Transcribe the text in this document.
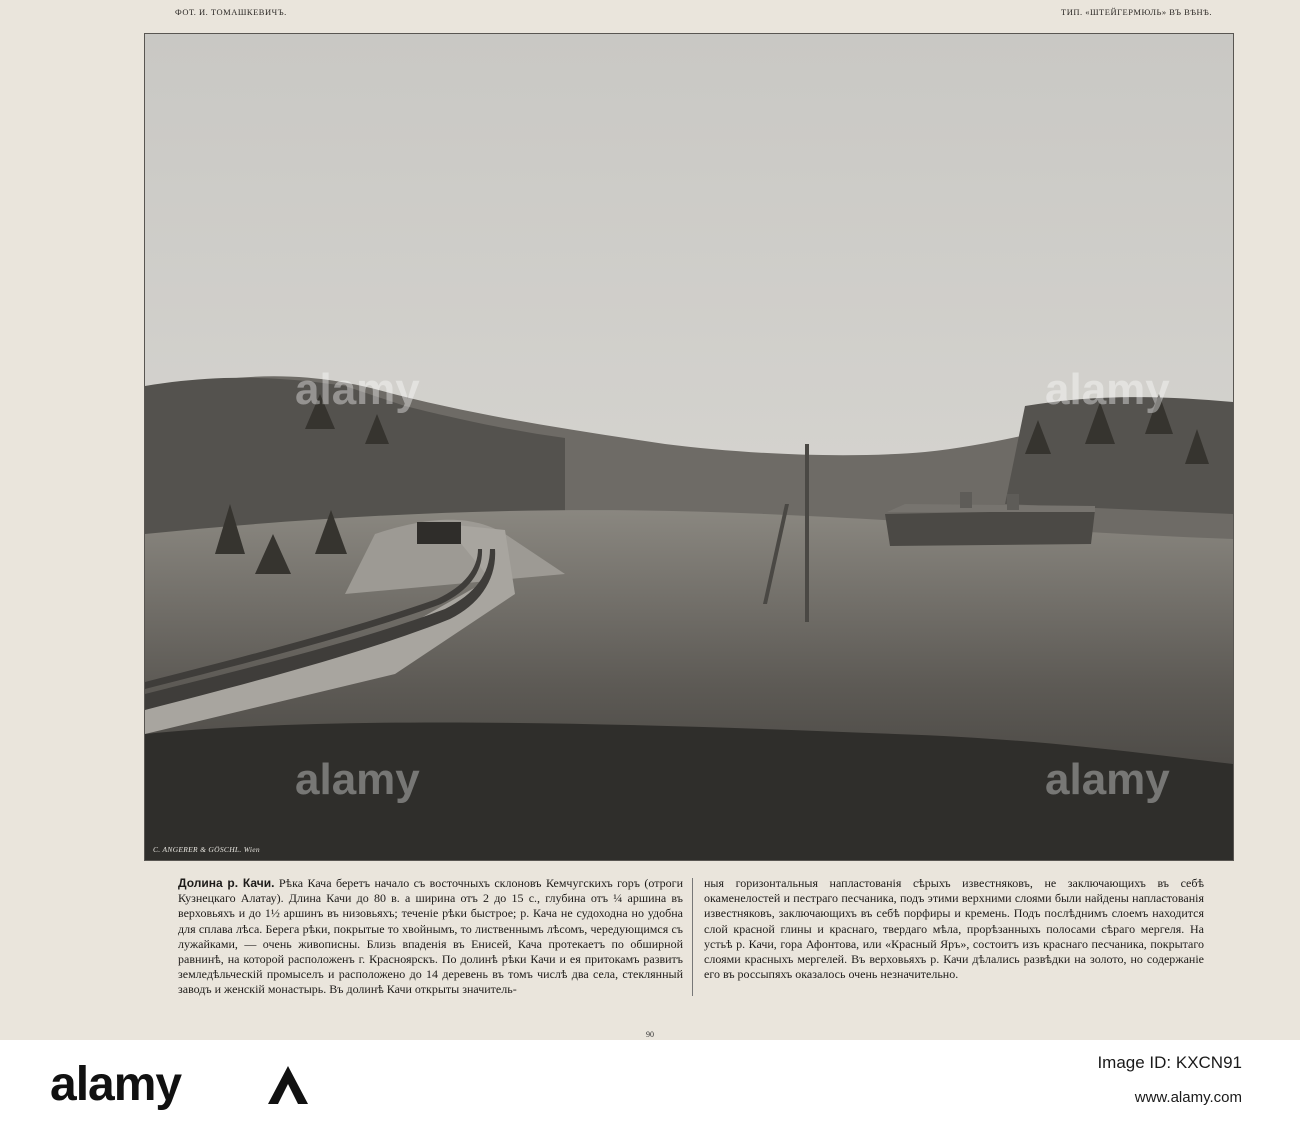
ФОТ. И. ТОМАШКЕВИЧЪ.	ТИП. «ШТЕЙГЕРМЮЛЬ» ВЪ ВѢНѢ.
alamy	alamy
alamy	alamy
C. ANGERER & GÖSCHL. Wien
Долина р. Качи. Рѣка Кача беретъ начало съ восточныхъ склоновъ Кемчугскихъ горъ (отроги Кузнецкаго Алатау). Длина Качи до 80 в. а ширина отъ 2 до 15 с., глубина отъ ¼ аршина въ верховьяхъ и до 1½ аршинъ въ низовьяхъ; теченіе рѣки быстрое; р. Кача не судоходна но удобна для сплава лѣса. Берега рѣки, покрытые то хвойнымъ, то лиственнымъ лѣсомъ, чередующимся съ лужайками, — очень живописны. Близь впаденія въ Енисей, Кача протекаетъ по обширной равнинѣ, на которой расположенъ г. Красноярскъ. По долинѣ рѣки Качи и ея притокамъ развитъ земледѣльческій промыселъ и расположено до 14 деревень въ томъ числѣ два села, стеклянный заводъ и женскій монастырь. Въ долинѣ Качи открыты значитель-
ныя горизонтальныя напластованія сѣрыхъ известняковъ, не заключающихъ въ себѣ окаменелостей и пестраго песчаника, подъ этими верхними слоями были найдены напластованія известняковъ, заключающихъ въ себѣ порфиры и кремень. Подъ послѣднимъ слоемъ находится слой красной глины и краснаго, твердаго мѣла, прорѣзанныхъ полосами сѣраго мергеля. На устьѣ р. Качи, гора Афонтова, или «Красный Яръ», состоитъ изъ краснаго песчаника, покрытаго слоями красныхъ мергелей. Въ верховьяхъ р. Качи дѣлались развѣдки на золото, но содержаніе его въ россыпяхъ оказалось очень незначительно.
90
alamy	Image ID: KXCN91
www.alamy.com
